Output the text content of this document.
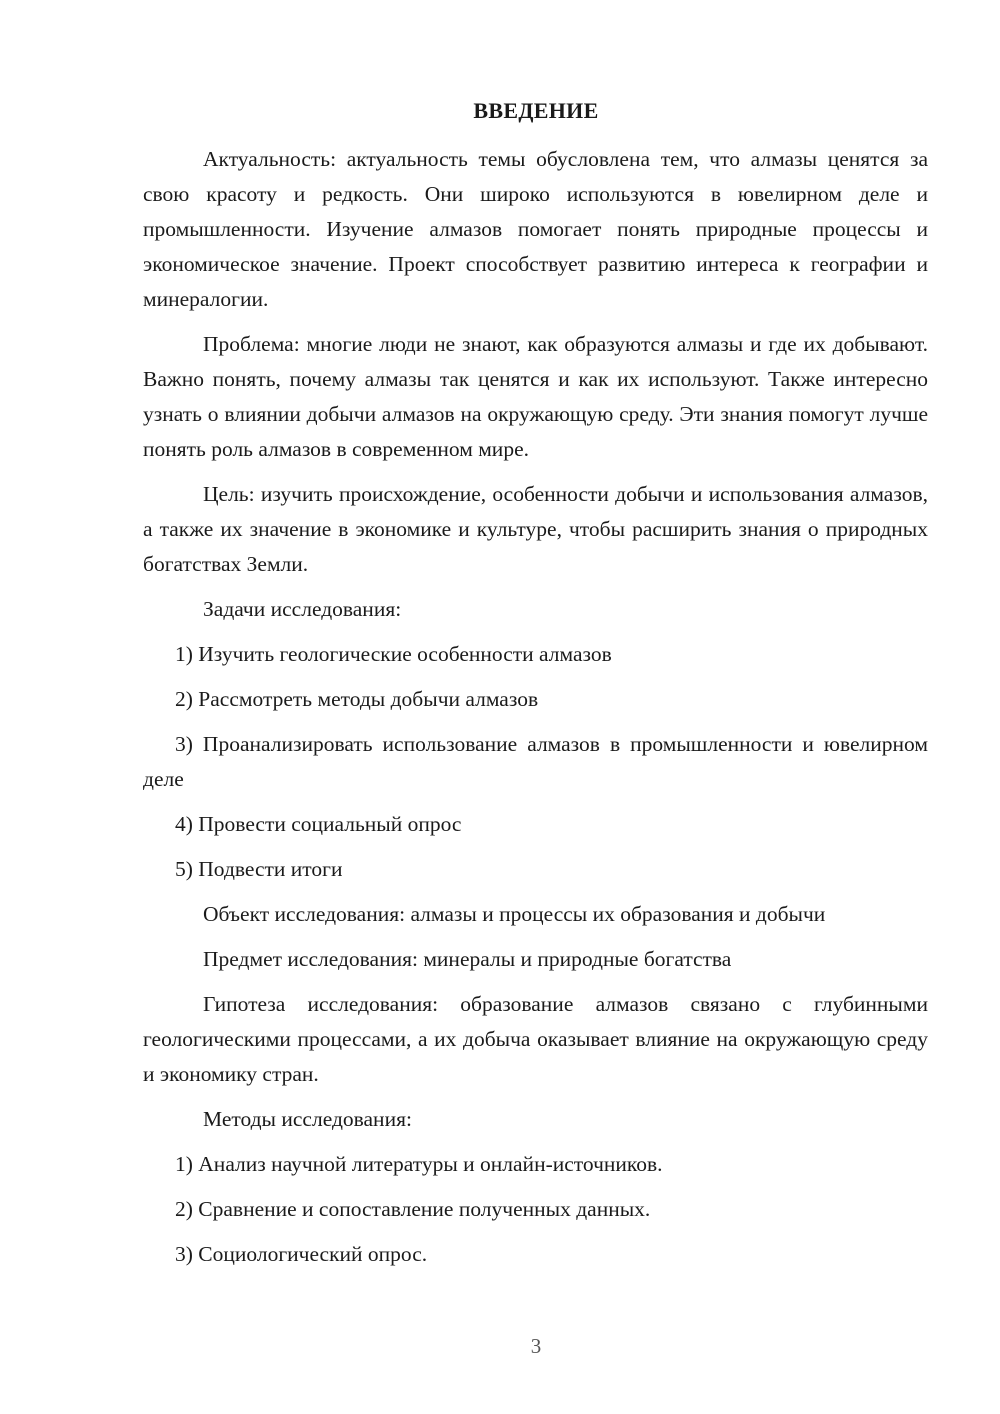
ВВЕДЕНИЕ

Актуальность: актуальность темы обусловлена тем, что алмазы ценятся за свою красоту и редкость. Они широко используются в ювелирном деле и промышленности. Изучение алмазов помогает понять природные процессы и экономическое значение. Проект способствует развитию интереса к географии и минералогии.

Проблема: многие люди не знают, как образуются алмазы и где их добывают. Важно понять, почему алмазы так ценятся и как их используют. Также интересно узнать о влиянии добычи алмазов на окружающую среду. Эти знания помогут лучше понять роль алмазов в современном мире.

Цель: изучить происхождение, особенности добычи и использования алмазов, а также их значение в экономике и культуре, чтобы расширить знания о природных богатствах Земли.

Задачи исследования:

1) Изучить геологические особенности алмазов

2) Рассмотреть методы добычи алмазов

3) Проанализировать использование алмазов в промышленности и ювелирном деле

4) Провести социальный опрос

5) Подвести итоги

Объект исследования: алмазы и процессы их образования и добычи

Предмет исследования: минералы и природные богатства

Гипотеза исследования: образование алмазов связано с глубинными геологическими процессами, а их добыча оказывает влияние на окружающую среду и экономику стран.

Методы исследования:

1) Анализ научной литературы и онлайн-источников.

2) Сравнение и сопоставление полученных данных.

3) Социологический опрос.

3
